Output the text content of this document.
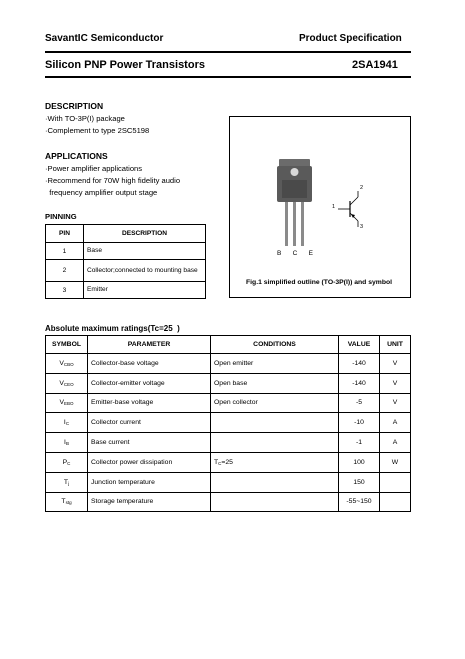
SavantIC Semiconductor	Product Specification
Silicon PNP Power Transistors	2SA1941
DESCRIPTION
·With TO-3P(I) package
·Complement to type 2SC5198
APPLICATIONS
·Power amplifier applications
·Recommend for 70W high fidelity audio
frequency amplifier output stage
PINNING
PIN	DESCRIPTION
1	Base
2	Collector;connected to mounting base
3	Emitter
B C E
1
2
3
Fig.1 simplified outline (TO-3P(I)) and symbol
Absolute maximum ratings(Tc=25  )
SYMBOL	PARAMETER	CONDITIONS	VALUE	UNIT
$V_{CBO}$	Collector-base voltage	Open emitter	-140	V
$V_{CEO}$	Collector-emitter voltage	Open base	-140	V
$V_{EBO}$	Emitter-base voltage	Open collector	-5	V
$I_C$	Collector current		-10	A
$I_B$	Base current		-1	A
$P_C$	Collector power dissipation	$T_C=25$	100	W
$T_j$	Junction temperature		150	
$T_{stg}$	Storage temperature		-55~150	
